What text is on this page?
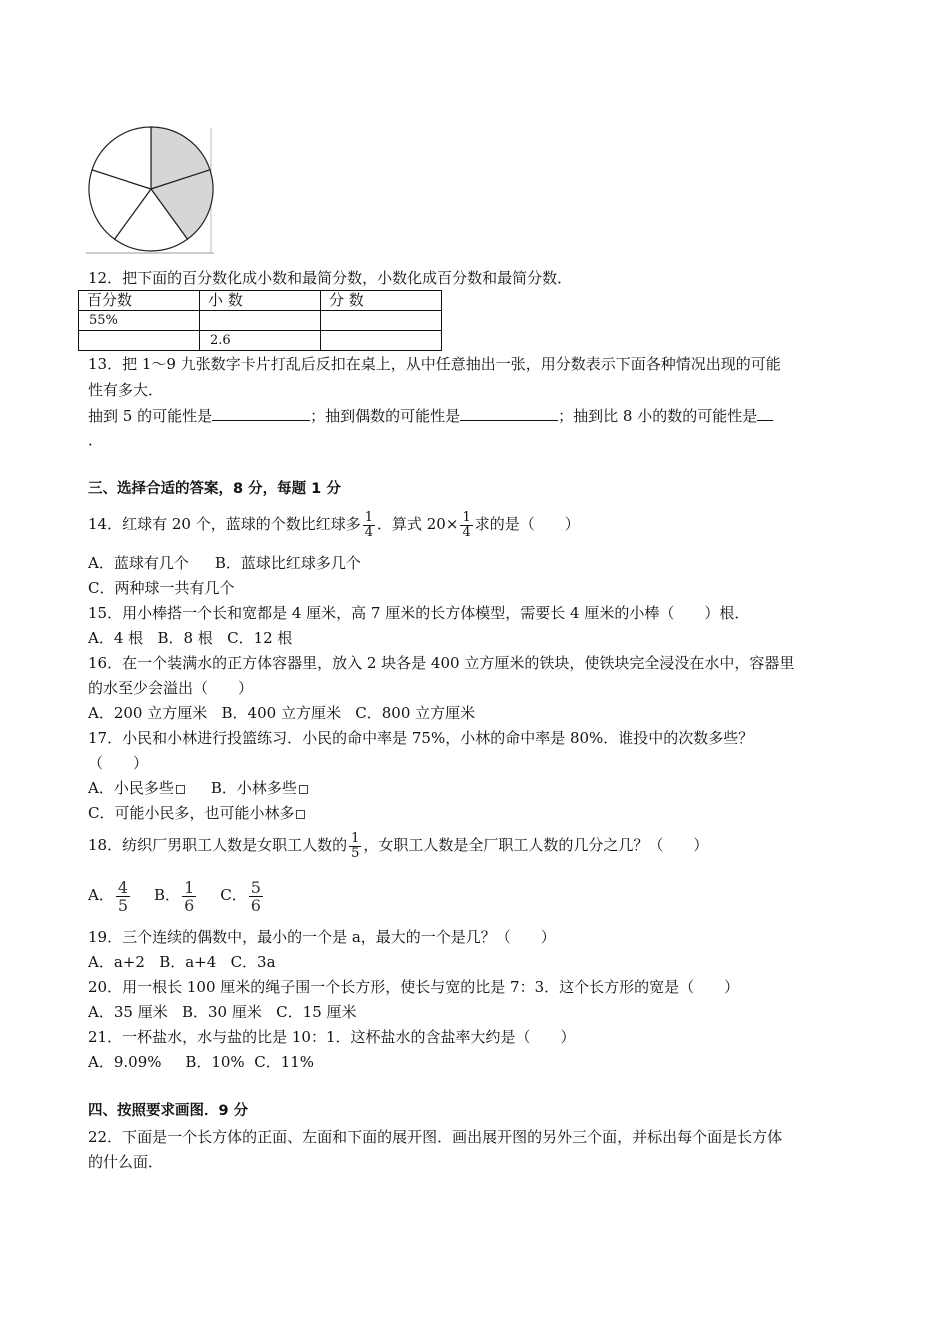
12．把下面的百分数化成小数和最简分数，小数化成百分数和最简分数．
百分数	小 数	分 数
55%		
	2.6	
13．把 1～9 九张数字卡片打乱后反扣在桌上，从中任意抽出一张，用分数表示下面各种情况出现的可能
性有多大．
抽到 5 的可能性是	；抽到偶数的可能性是	；抽到比 8 小的数的可能性是
．
三、选择合适的答案，8 分，每题 1 分
14．红球有 20 个，蓝球的个数比红球多 $\frac{1}{4}$ ．算式 $20\times \frac{1}{4}$ 求的是（　　）
A．蓝球有几个 B．蓝球比红球多几个
C．两种球一共有几个
15．用小棒搭一个长和宽都是 4 厘米，高 7 厘米的长方体模型，需要长 4 厘米的小棒（　　）根．
A．4 根   B．8 根   C．12 根
16．在一个装满水的正方体容器里，放入 2 块各是 400 立方厘米的铁块，使铁块完全浸没在水中，容器里
的水至少会溢出（　　）
A．200 立方厘米   B．400 立方厘米   C．800 立方厘米
17．小民和小林进行投篮练习．小民的命中率是 75%，小林的命中率是 80%．谁投中的次数多些？
（　　）
A．小民多些 B．小林多些
C．可能小民多，也可能小林多
18．纺织厂男职工人数是女职工人数的 $\frac{1}{5}$ ，女职工人数是全厂职工人数的几分之几？（　　）
A． $\frac{4}{5}$ B． $\frac{1}{6}$ C． $\frac{5}{6}$
19．三个连续的偶数中，最小的一个是 a，最大的一个是几？（　　）
A．a+2   B．a+4   C．3a
20．用一根长 100 厘米的绳子围一个长方形，使长与宽的比是 7：3．这个长方形的宽是（　　）
A．35 厘米   B．30 厘米   C．15 厘米
21．一杯盐水，水与盐的比是 10：1．这杯盐水的含盐率大约是（　　）
A．9.09%     B．10%  C．11%
四、按照要求画图．9 分
22．下面是一个长方体的正面、左面和下面的展开图．画出展开图的另外三个面，并标出每个面是长方体
的什么面．
